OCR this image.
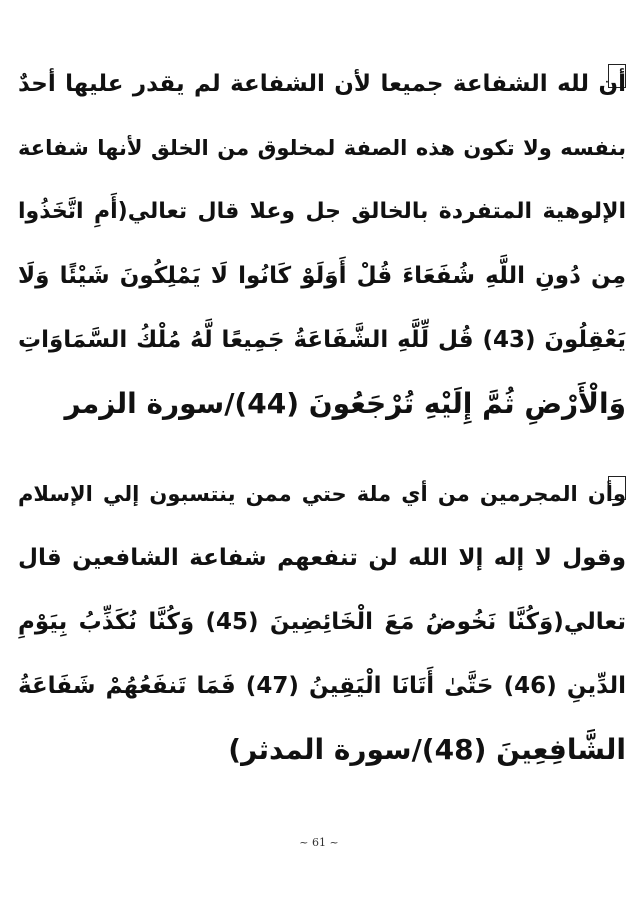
أن لله الشفاعة جميعا لأن الشفاعة لم يقدر عليها أحدٌ
بنفسه ولا تكون هذه الصفة لمخلوق من الخلق لأنها شفاعة
الإلوهية المتفردة بالخالق جل وعلا قال تعالي(أَمِ اتَّخَذُوا
مِن دُونِ اللَّهِ شُفَعَاءَ قُلْ أَوَلَوْ كَانُوا لَا يَمْلِكُونَ شَيْئًا وَلَا
يَعْقِلُونَ (43) قُل لِّلَّهِ الشَّفَاعَةُ جَمِيعًا لَّهُ مُلْكُ السَّمَاوَاتِ
وَالْأَرْضِ ثُمَّ إِلَيْهِ تُرْجَعُونَ (44)/سورة الزمر
وأن المجرمين من أي ملة حتي ممن ينتسبون إلي الإسلام
وقول لا إله إلا الله لن تنفعهم شفاعة الشافعين قال
تعالي(وَكُنَّا نَخُوضُ مَعَ الْخَائِضِينَ (45) وَكُنَّا نُكَذِّبُ بِيَوْمِ
الدِّينِ (46) حَتَّىٰ أَتَانَا الْيَقِينُ (47) فَمَا تَنفَعُهُمْ شَفَاعَةُ
الشَّافِعِينَ (48)/سورة المدثر)
~ 61 ~
